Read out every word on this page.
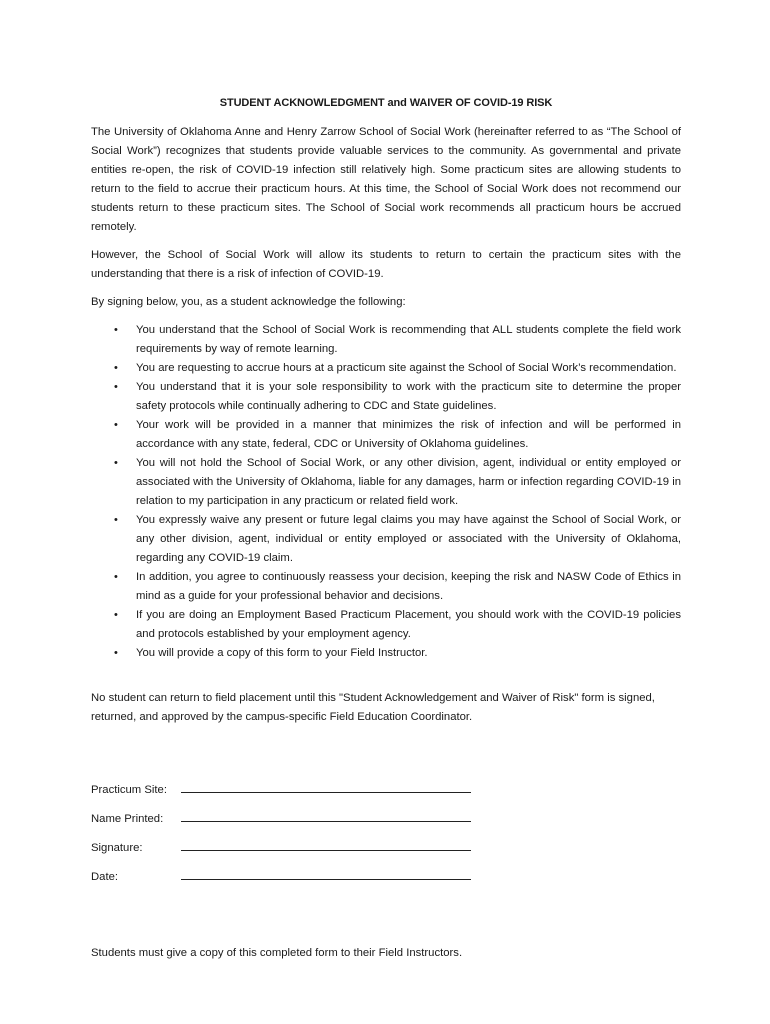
STUDENT ACKNOWLEDGMENT and WAIVER OF COVID-19 RISK

The University of Oklahoma Anne and Henry Zarrow School of Social Work (hereinafter referred to as “The School of Social Work”) recognizes that students provide valuable services to the community. As governmental and private entities re-open, the risk of COVID-19 infection still relatively high. Some practicum sites are allowing students to return to the field to accrue their practicum hours. At this time, the School of Social Work does not recommend our students return to these practicum sites. The School of Social work recommends all practicum hours be accrued remotely.

However, the School of Social Work will allow its students to return to certain the practicum sites with the understanding that there is a risk of infection of COVID-19.

By signing below, you, as a student acknowledge the following:

• You understand that the School of Social Work is recommending that ALL students complete the field work requirements by way of remote learning.
• You are requesting to accrue hours at a practicum site against the School of Social Work’s recommendation.
• You understand that it is your sole responsibility to work with the practicum site to determine the proper safety protocols while continually adhering to CDC and State guidelines.
• Your work will be provided in a manner that minimizes the risk of infection and will be performed in accordance with any state, federal, CDC or University of Oklahoma guidelines.
• You will not hold the School of Social Work, or any other division, agent, individual or entity employed or associated with the University of Oklahoma, liable for any damages, harm or infection regarding COVID-19 in relation to my participation in any practicum or related field work.
• You expressly waive any present or future legal claims you may have against the School of Social Work, or any other division, agent, individual or entity employed or associated with the University of Oklahoma, regarding any COVID-19 claim.
• In addition, you agree to continuously reassess your decision, keeping the risk and NASW Code of Ethics in mind as a guide for your professional behavior and decisions.
• If you are doing an Employment Based Practicum Placement, you should work with the COVID-19 policies and protocols established by your employment agency.
• You will provide a copy of this form to your Field Instructor.

No student can return to field placement until this "Student Acknowledgement and Waiver of Risk" form is signed, returned, and approved by the campus-specific Field Education Coordinator.

Practicum Site:
Name Printed:
Signature:
Date:
Students must give a copy of this completed form to their Field Instructors.
